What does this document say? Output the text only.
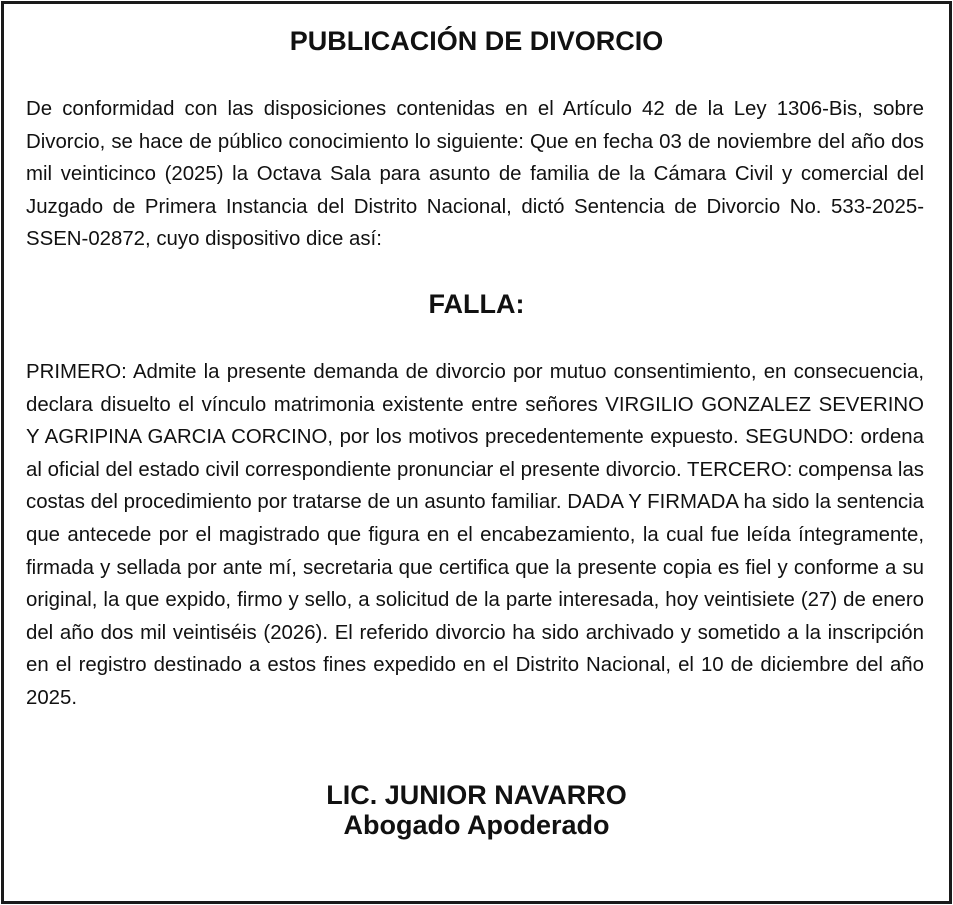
PUBLICACIÓN DE DIVORCIO

De conformidad con las disposiciones contenidas en el Artículo 42 de la Ley 1306-Bis, sobre Divorcio, se hace de público conocimiento lo siguiente: Que en fecha 03 de noviembre del año dos mil veinticinco (2025) la Octava Sala para asunto de familia de la Cámara Civil y comercial del Juzgado de Primera Instancia del Distrito Nacional, dictó Sentencia de Divorcio No. 533-2025-SSEN-02872, cuyo dispositivo dice así:

FALLA:

PRIMERO: Admite la presente demanda de divorcio por mutuo consentimiento, en consecuencia, declara disuelto el vínculo matrimonia existente entre señores VIRGILIO GONZALEZ SEVERINO Y AGRIPINA GARCIA CORCINO, por los motivos precedentemente expuesto. SEGUNDO: ordena al oficial del estado civil correspondiente pronunciar el presente divorcio. TERCERO: compensa las costas del procedimiento por tratarse de un asunto familiar. DADA Y FIRMADA ha sido la sentencia que antecede por el magistrado que figura en el encabezamiento, la cual fue leída íntegramente, firmada y sellada por ante mí, secretaria que certifica que la presente copia es fiel y conforme a su original, la que expido, firmo y sello, a solicitud de la parte interesada, hoy veintisiete (27) de enero del año dos mil veintiséis (2026). El referido divorcio ha sido archivado y sometido a la inscripción en el registro destinado a estos fines expedido en el Distrito Nacional, el 10 de diciembre del año 2025.

LIC. JUNIOR NAVARRO
Abogado Apoderado
